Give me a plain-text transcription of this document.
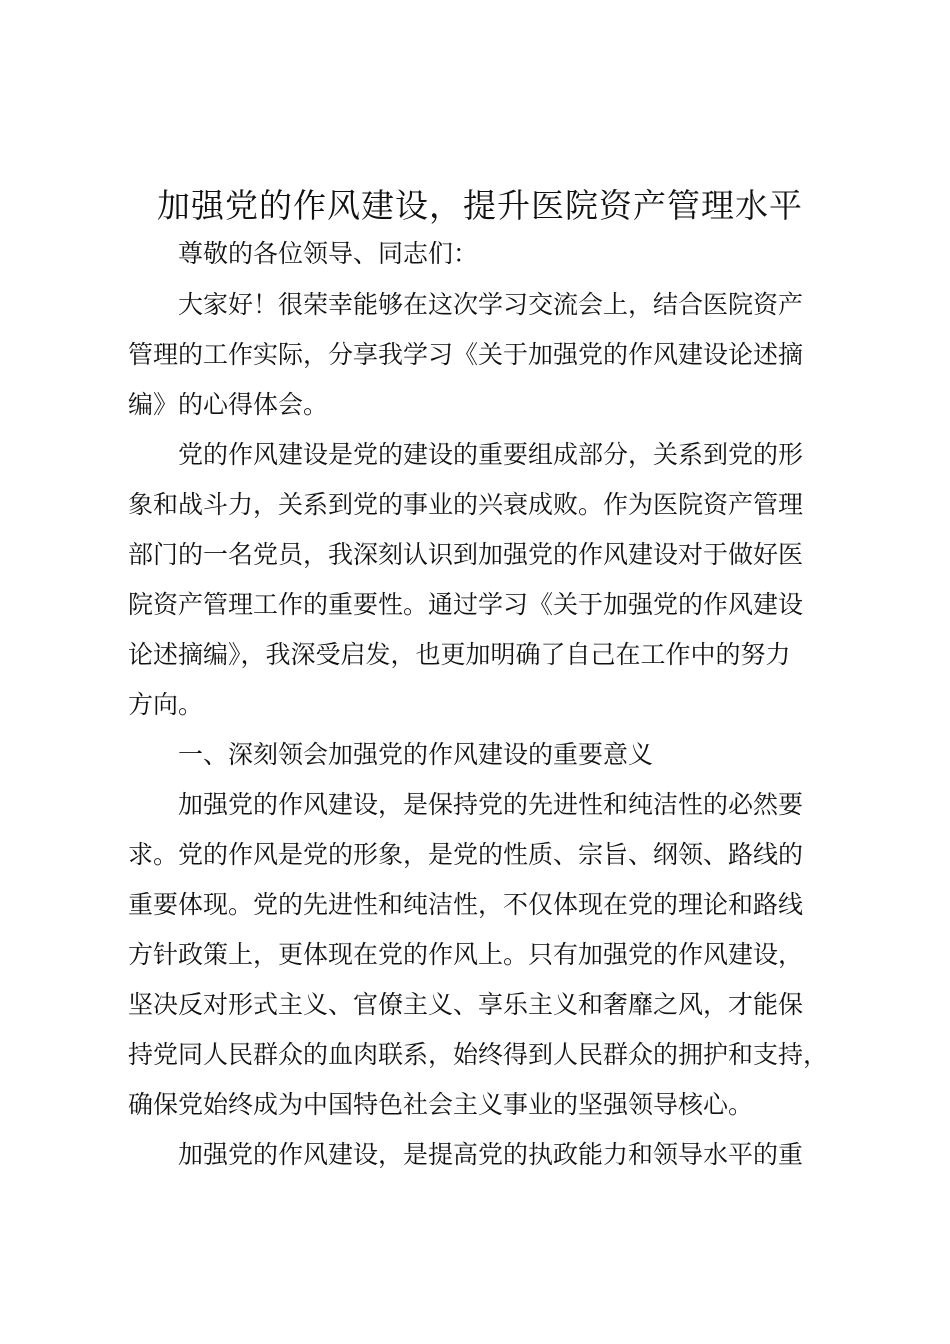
加强党的作风建设，提升医院资产管理水平
尊敬的各位领导、同志们：
大家好！很荣幸能够在这次学习交流会上，结合医院资产
管理的工作实际，分享我学习《关于加强党的作风建设论述摘
编》的心得体会。
党的作风建设是党的建设的重要组成部分，关系到党的形
象和战斗力，关系到党的事业的兴衰成败。作为医院资产管理
部门的一名党员，我深刻认识到加强党的作风建设对于做好医
院资产管理工作的重要性。通过学习《关于加强党的作风建设
论述摘编》，我深受启发，也更加明确了自己在工作中的努力
方向。
一、深刻领会加强党的作风建设的重要意义
加强党的作风建设，是保持党的先进性和纯洁性的必然要
求。党的作风是党的形象，是党的性质、宗旨、纲领、路线的
重要体现。党的先进性和纯洁性，不仅体现在党的理论和路线
方针政策上，更体现在党的作风上。只有加强党的作风建设，
坚决反对形式主义、官僚主义、享乐主义和奢靡之风，才能保
持党同人民群众的血肉联系，始终得到人民群众的拥护和支持，
确保党始终成为中国特色社会主义事业的坚强领导核心。
加强党的作风建设，是提高党的执政能力和领导水平的重
